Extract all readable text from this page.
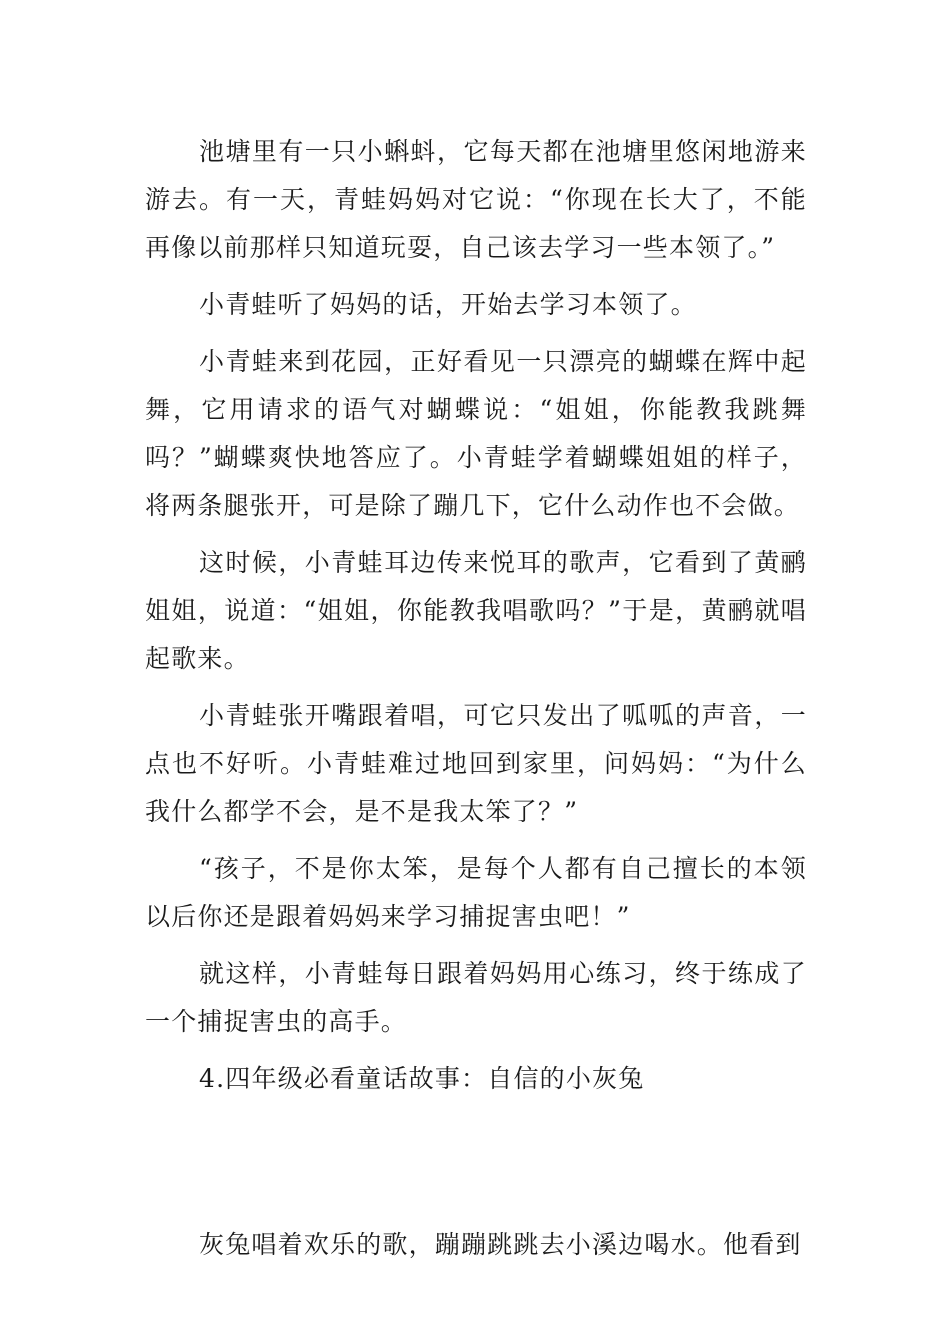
池塘里有一只小蝌蚪，它每天都在池塘里悠闲地游来游去。有一天，青蛙妈妈对它说：“你现在长大了，不能再像以前那样只知道玩耍，自己该去学习一些本领了。”

小青蛙听了妈妈的话，开始去学习本领了。

小青蛙来到花园，正好看见一只漂亮的蝴蝶在辉中起舞，它用请求的语气对蝴蝶说：“姐姐，你能教我跳舞吗？”蝴蝶爽快地答应了。小青蛙学着蝴蝶姐姐的样子，将两条腿张开，可是除了蹦几下，它什么动作也不会做。

这时候，小青蛙耳边传来悦耳的歌声，它看到了黄鹂姐姐，说道：“姐姐，你能教我唱歌吗？”于是，黄鹂就唱起歌来。

小青蛙张开嘴跟着唱，可它只发出了呱呱的声音，一点也不好听。小青蛙难过地回到家里，问妈妈：“为什么我什么都学不会，是不是我太笨了？”

“孩子，不是你太笨，是每个人都有自己擅长的本领以后你还是跟着妈妈来学习捕捉害虫吧！”

就这样，小青蛙每日跟着妈妈用心练习，终于练成了一个捕捉害虫的高手。

4.四年级必看童话故事：自信的小灰兔

灰兔唱着欢乐的歌，蹦蹦跳跳去小溪边喝水。他看到
